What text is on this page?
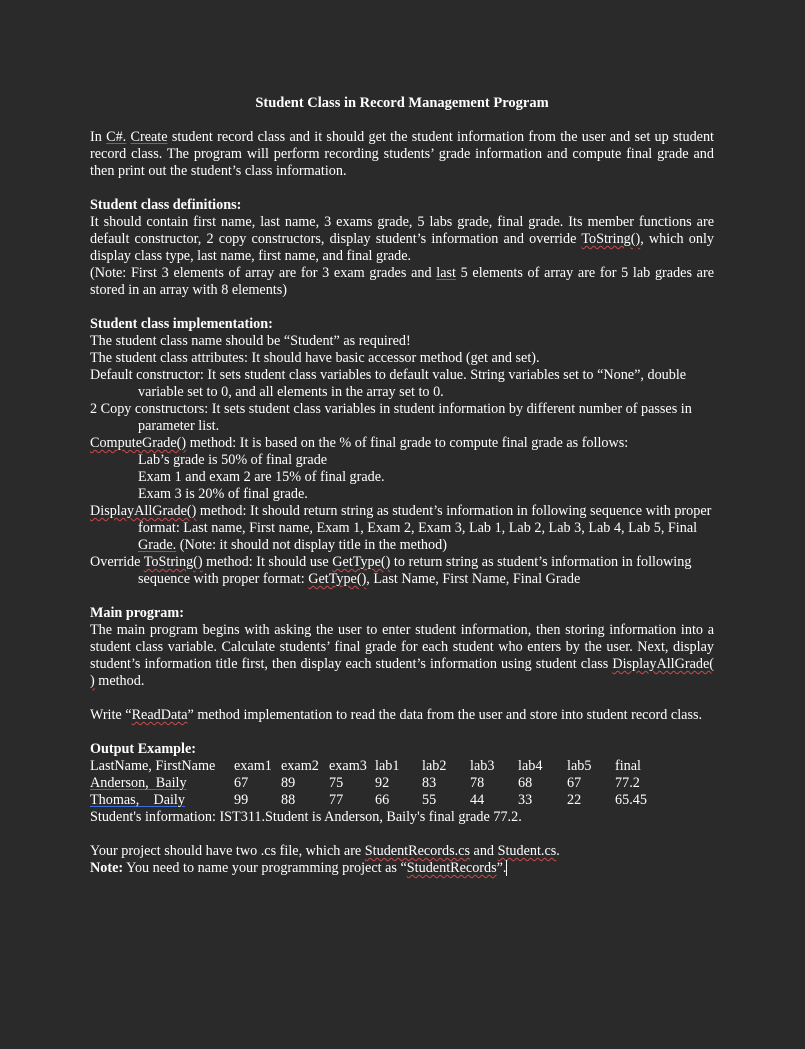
Student Class in Record Management Program

In C#. Create student record class and it should get the student information from the user and set up student record class. The program will perform recording students’ grade information and compute final grade and then print out the student’s class information.

Student class definitions:

It should contain first name, last name, 3 exams grade, 5 labs grade, final grade. Its member functions are default constructor, 2 copy constructors, display student’s information and override ToString(), which only display class type, last name, first name, and final grade.

(Note: First 3 elements of array are for 3 exam grades and last 5 elements of array are for 5 lab grades are stored in an array with 8 elements)

Student class implementation:

The student class name should be “Student” as required!

The student class attributes: It should have basic accessor method (get and set).

Default constructor: It sets student class variables to default value. String variables set to “None”, double variable set to 0, and all elements in the array set to 0.

2 Copy constructors: It sets student class variables in student information by different number of passes in parameter list.

ComputeGrade() method: It is based on the % of final grade to compute final grade as follows:

Lab’s grade is 50% of final grade

Exam 1 and exam 2 are 15% of final grade.

Exam 3 is 20% of final grade.

DisplayAllGrade() method: It should return string as student’s information in following sequence with proper format: Last name, First name, Exam 1, Exam 2, Exam 3, Lab 1, Lab 2, Lab 3, Lab 4, Lab 5, Final Grade. (Note: it should not display title in the method)

Override ToString() method: It should use GetType() to return string as student’s information in following sequence with proper format: GetType(), Last Name, First Name, Final Grade

Main program:

The main program begins with asking the user to enter student information, then storing information into a student class variable. Calculate students’ final grade for each student who enters by the user. Next, display student’s information title first, then display each student’s information using student class DisplayAllGrade( ) method.

Write “ReadData” method implementation to read the data from the user and store into student record class.

Output Example:

LastName, FirstName	exam1	exam2	exam3	lab1	lab2	lab3	lab4	lab5	final
Anderson,  Baily	67	89	75	92	83	78	68	67	77.2
Thomas,    Daily	99	88	77	66	55	44	33	22	65.45

Student's information: IST311.Student is Anderson, Baily's final grade 77.2.

Your project should have two .cs file, which are StudentRecords.cs and Student.cs.

Note: You need to name your programming project as “StudentRecords”.
